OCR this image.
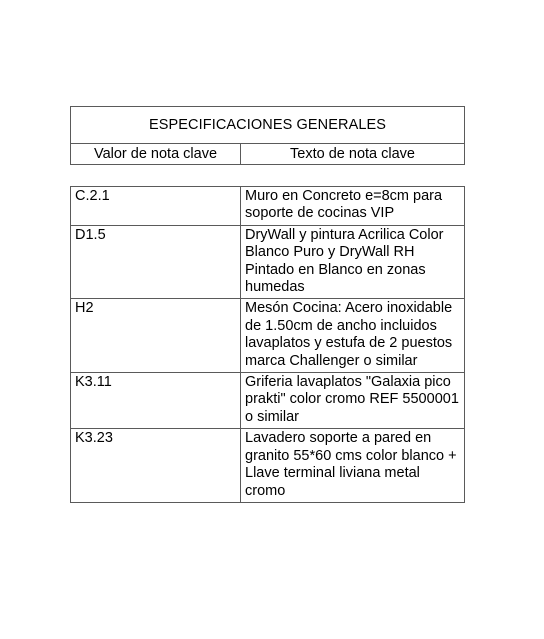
ESPECIFICACIONES GENERALES
Valor de nota clave	Texto de nota clave
C.2.1	Muro en Concreto e=8cm para soporte de cocinas VIP
D1.5	DryWall y pintura Acrilica Color Blanco Puro y DryWall RH Pintado en Blanco en zonas humedas
H2	Mesón Cocina: Acero inoxidable de 1.50cm de ancho incluidos lavaplatos y estufa de 2 puestos marca Challenger o similar
K3.11	Griferia lavaplatos "Galaxia pico prakti" color cromo REF 5500001 o similar
K3.23	Lavadero soporte a pared en granito 55*60 cms color blanco + Llave terminal liviana metal cromo
